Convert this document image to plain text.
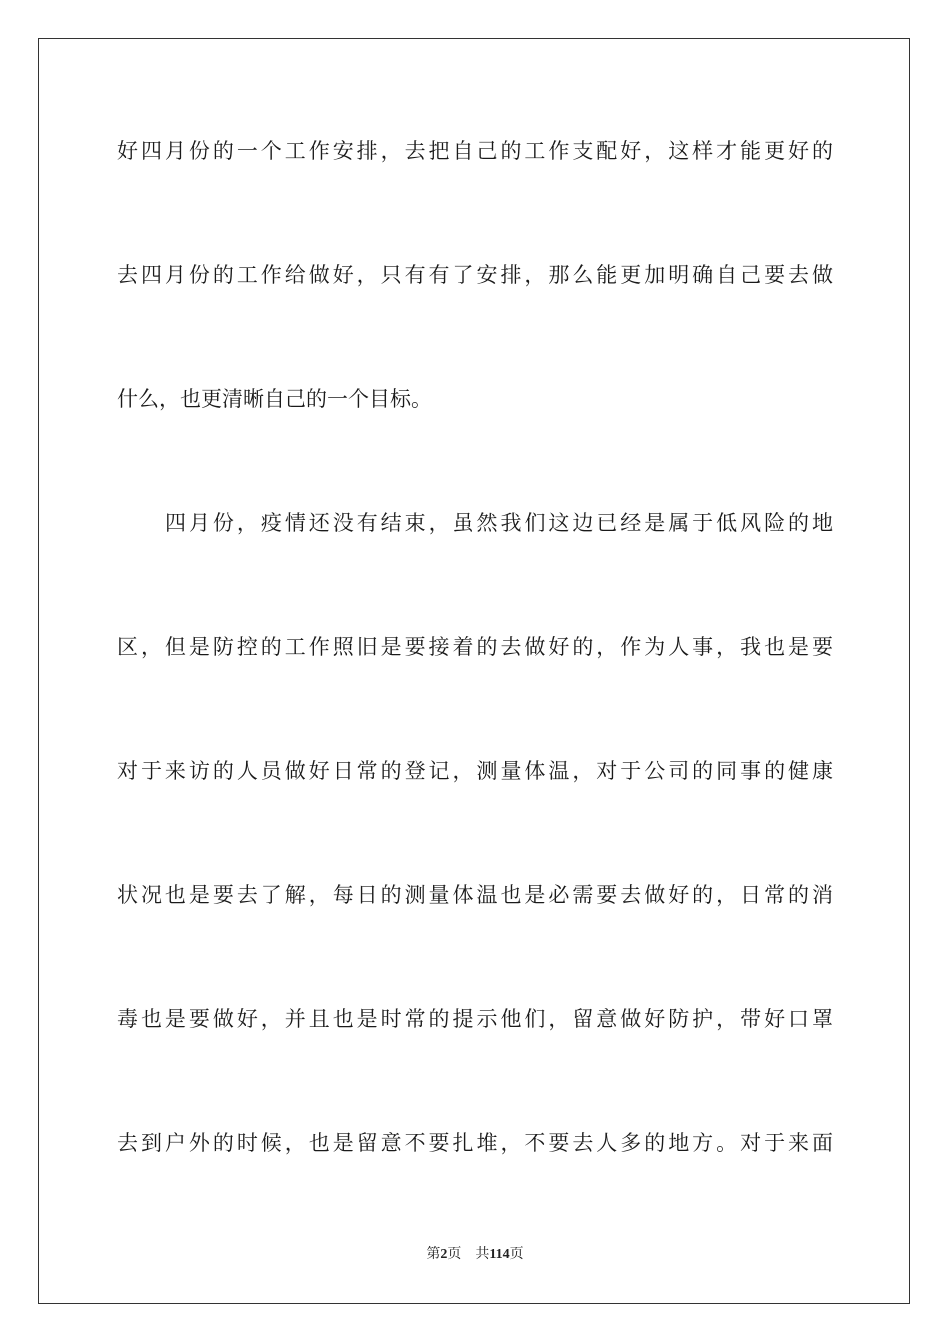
好四月份的一个工作安排，去把自己的工作支配好，这样才能更好的
去四月份的工作给做好，只有有了安排，那么能更加明确自己要去做
什么，也更清晰自己的一个目标。
四月份，疫情还没有结束，虽然我们这边已经是属于低风险的地
区，但是防控的工作照旧是要接着的去做好的，作为人事，我也是要
对于来访的人员做好日常的登记，测量体温，对于公司的同事的健康
状况也是要去了解，每日的测量体温也是必需要去做好的，日常的消
毒也是要做好，并且也是时常的提示他们，留意做好防护，带好口罩
去到户外的时候，也是留意不要扎堆，不要去人多的地方。对于来面
第2页 共114页
